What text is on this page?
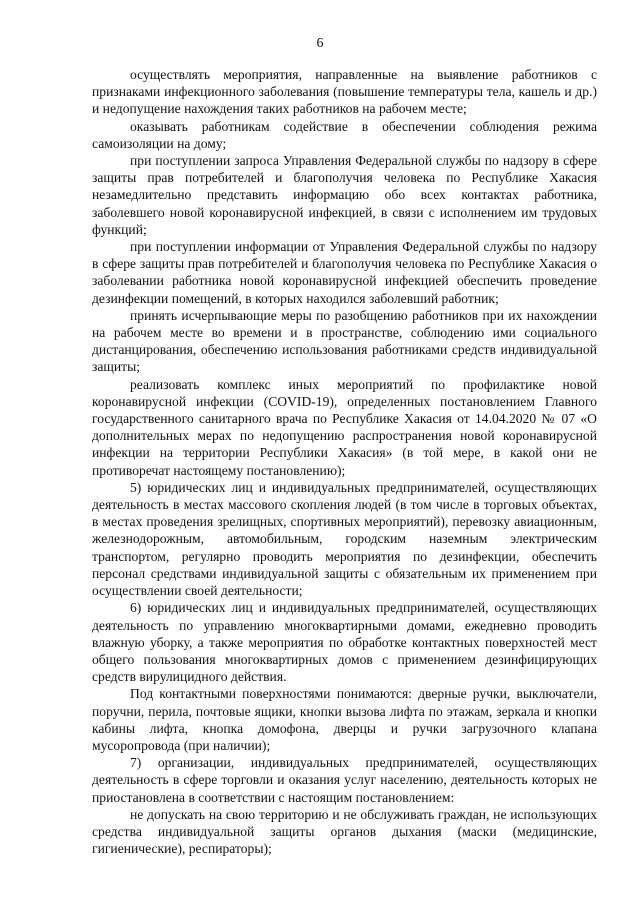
6

осуществлять мероприятия, направленные на выявление работников с признаками инфекционного заболевания (повышение температуры тела, кашель и др.) и недопущение нахождения таких работников на рабочем месте;

оказывать работникам содействие в обеспечении соблюдения режима самоизоляции на дому;

при поступлении запроса Управления Федеральной службы по надзору в сфере защиты прав потребителей и благополучия человека по Республике Хакасия незамедлительно представить информацию обо всех контактах работника, заболевшего новой коронавирусной инфекцией, в связи с исполнением им трудовых функций;

при поступлении информации от Управления Федеральной службы по надзору в сфере защиты прав потребителей и благополучия человека по Республике Хакасия о заболевании работника новой коронавирусной инфекцией обеспечить проведение дезинфекции помещений, в которых находился заболевший работник;

принять исчерпывающие меры по разобщению работников при их нахождении на рабочем месте во времени и в пространстве, соблюдению ими социального дистанцирования, обеспечению использования работниками средств индивидуальной защиты;

реализовать комплекс иных мероприятий по профилактике новой коронавирусной инфекции (COVID-19), определенных постановлением Главного государственного санитарного врача по Республике Хакасия от 14.04.2020 № 07 «О дополнительных мерах по недопущению распространения новой коронавирусной инфекции на территории Республики Хакасия» (в той мере, в какой они не противоречат настоящему постановлению);

5) юридических лиц и индивидуальных предпринимателей, осуществляющих деятельность в местах массового скопления людей (в том числе в торговых объектах, в местах проведения зрелищных, спортивных мероприятий), перевозку авиационным, железнодорожным, автомобильным, городским наземным электрическим транспортом, регулярно проводить мероприятия по дезинфекции, обеспечить персонал средствами индивидуальной защиты с обязательным их применением при осуществлении своей деятельности;

6) юридических лиц и индивидуальных предпринимателей, осуществляющих деятельность по управлению многоквартирными домами, ежедневно проводить влажную уборку, а также мероприятия по обработке контактных поверхностей мест общего пользования многоквартирных домов с применением дезинфицирующих средств вирулицидного действия.

Под контактными поверхностями понимаются: дверные ручки, выключатели, поручни, перила, почтовые ящики, кнопки вызова лифта по этажам, зеркала и кнопки кабины лифта, кнопка домофона, дверцы и ручки загрузочного клапана мусоропровода (при наличии);

7) организации, индивидуальных предпринимателей, осуществляющих деятельность в сфере торговли и оказания услуг населению, деятельность которых не приостановлена в соответствии с настоящим постановлением:

не допускать на свою территорию и не обслуживать граждан, не использующих средства индивидуальной защиты органов дыхания (маски (медицинские, гигиенические), респираторы);
